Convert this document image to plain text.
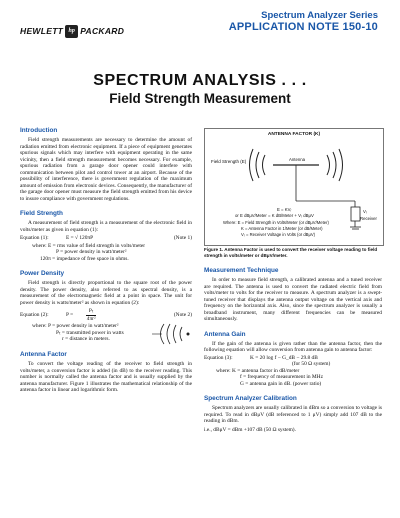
HEWLETT hp PACKARD
Spectrum Analyzer Series
APPLICATION NOTE 150-10
SPECTRUM ANALYSIS . . .
Field Strength Measurement
Introduction
Field strength measurements are necessary to determine the amount of radiation emitted from electronic equipment. If a piece of equipment generates spurious signals which may interfere with equipment operating in the same vicinity, then a field strength measurement becomes necessary. For example, spurious radiation from a garage door opener could interfere with communication between pilot and control tower at an airport. Because of the possibility of interference, there is government regulation of the maximum amount of emission from electronic devices. Consequently, the manufacturer of the garage door opener must measure the field strength emitted from his device to insure compliance with government regulations.
Field Strength
A measurement of field strength is a measurement of the electronic field in volts/meter as given in equation (1):
Equation (1):	E = √ 120πP	(Note 1)
where: E = rms value of field strength in volts/meter
P = power density in watt/meter²
120π = impedance of free space in ohms.
Power Density
Field strength is directly proportional to the square root of the power density. The power density, also referred to as spectral density, is a measurement of the electromagnetic field at a point in space. The unit for power density is watts/meter² as shown in equation (2):
Equation (2):	$P = \frac{\text{Pₜ}}{\text{4πr²}}$	(Note 2)
where: P = power density in watt/meter²
Pₜ = transmitted power in watts
r = distance in meters.
Antenna Factor
To convert the voltage reading of the receiver to field strength in volts/meter, a conversion factor is added (in dB) to the receiver reading. This number is normally called the antenna factor and is usually supplied by the antenna manufacturer. Figure 1 illustrates the mathematical relationship of the antenna factor in linear and logarithmic form.
ANTENNA FACTOR (K)
Field Strength (E)	Antenna
Vᵣ
Receiver
E = KVᵣ
or E dBμV/Meter = K dB/Meter + Vᵣ dBμV
Where: E = Field Strength in Volts/Meter (or dBμV/Meter)
K = Antenna Factor in 1/Meter (or dB/Meter)
Vᵣ = Receiver Voltage in Volts (or dBμV)
Figure 1. Antenna Factor is used to convert the receiver voltage reading to field strength in volts/meter or dBμV/meter.
Measurement Technique
In order to measure field strength, a calibrated antenna and a tuned receiver are required. The antenna is used to convert the radiated electric field from volts/meter to volts for the receiver to measure. A spectrum analyzer is a swept-tuned receiver that displays the antenna output voltage on the vertical axis and frequency on the horizontal axis. Also, since the spectrum analyzer is usually a broadband instrument, many different frequencies can be measured simultaneously.
Antenna Gain
If the gain of the antenna is given rather than the antenna factor, then the following equation will allow conversion from antenna gain to antenna factor:
Equation (3):	K = 20 log f − G_dB − 29.8 dB
(for 50 Ω system)
where: K = antenna factor in dB/meter
f = frequency of measurement in MHz
G = antenna gain in dB. (power ratio)
Spectrum Analyzer Calibration
Spectrum analyzers are usually calibrated in dBm so a conversion to voltage is required. To read in dBμV (dB referenced to 1 μV) simply add 107 dB to the reading in dBm.
i.e., dBμV = dBm +107 dB (50 Ω system).
